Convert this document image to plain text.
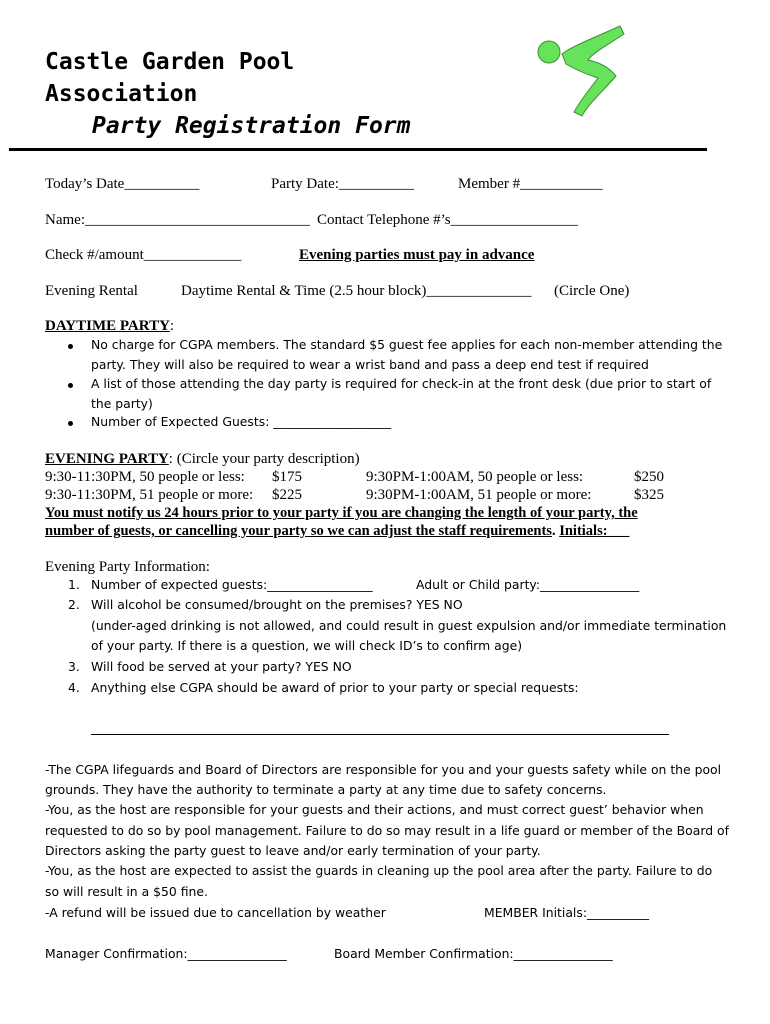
Castle Garden Pool
Association
Party Registration Form
Today’s Date__________	Party Date:__________	Member #___________
Name:______________________________ Contact Telephone #’s_________________
Check #/amount_____________	Evening parties must pay in advance
Evening Rental	Daytime Rental & Time (2.5 hour block)______________ (Circle One)
DAYTIME PARTY:
No charge for CGPA members. The standard $5 guest fee applies for each non-member attending the
party. They will also be required to wear a wrist band and pass a deep end test if required
A list of those attending the day party is required for check-in at the front desk (due prior to start of
the party)
Number of Expected Guests: ___________________
EVENING PARTY: (Circle your party description)
9:30-11:30PM, 50 people or less: $175	9:30PM-1:00AM, 50 people or less:	$250
9:30-11:30PM, 51 people or more: $225	9:30PM-1:00AM, 51 people or more:	$325
You must notify us 24 hours prior to your party if you are changing the length of your party, the
number of guests, or cancelling your party so we can adjust the staff requirements. Initials:___
Evening Party Information:
1. Number of expected guests:_________________	Adult or Child party:________________
2. Will alcohol be consumed/brought on the premises? YES NO
(under-aged drinking is not allowed, and could result in guest expulsion and/or immediate termination
of your party. If there is a question, we will check ID’s to confirm age)
3. Will food be served at your party? YES NO
4. Anything else CGPA should be award of prior to your party or special requests:
-The CGPA lifeguards and Board of Directors are responsible for you and your guests safety while on the pool
grounds. They have the authority to terminate a party at any time due to safety concerns.
-You, as the host are responsible for your guests and their actions, and must correct guest’ behavior when
requested to do so by pool management. Failure to do so may result in a life guard or member of the Board of
Directors asking the party guest to leave and/or early termination of your party.
-You, as the host are expected to assist the guards in cleaning up the pool area after the party. Failure to do
so will result in a $50 fine.
-A refund will be issued due to cancellation by weather	MEMBER Initials:__________
Manager Confirmation:________________	Board Member Confirmation:________________
